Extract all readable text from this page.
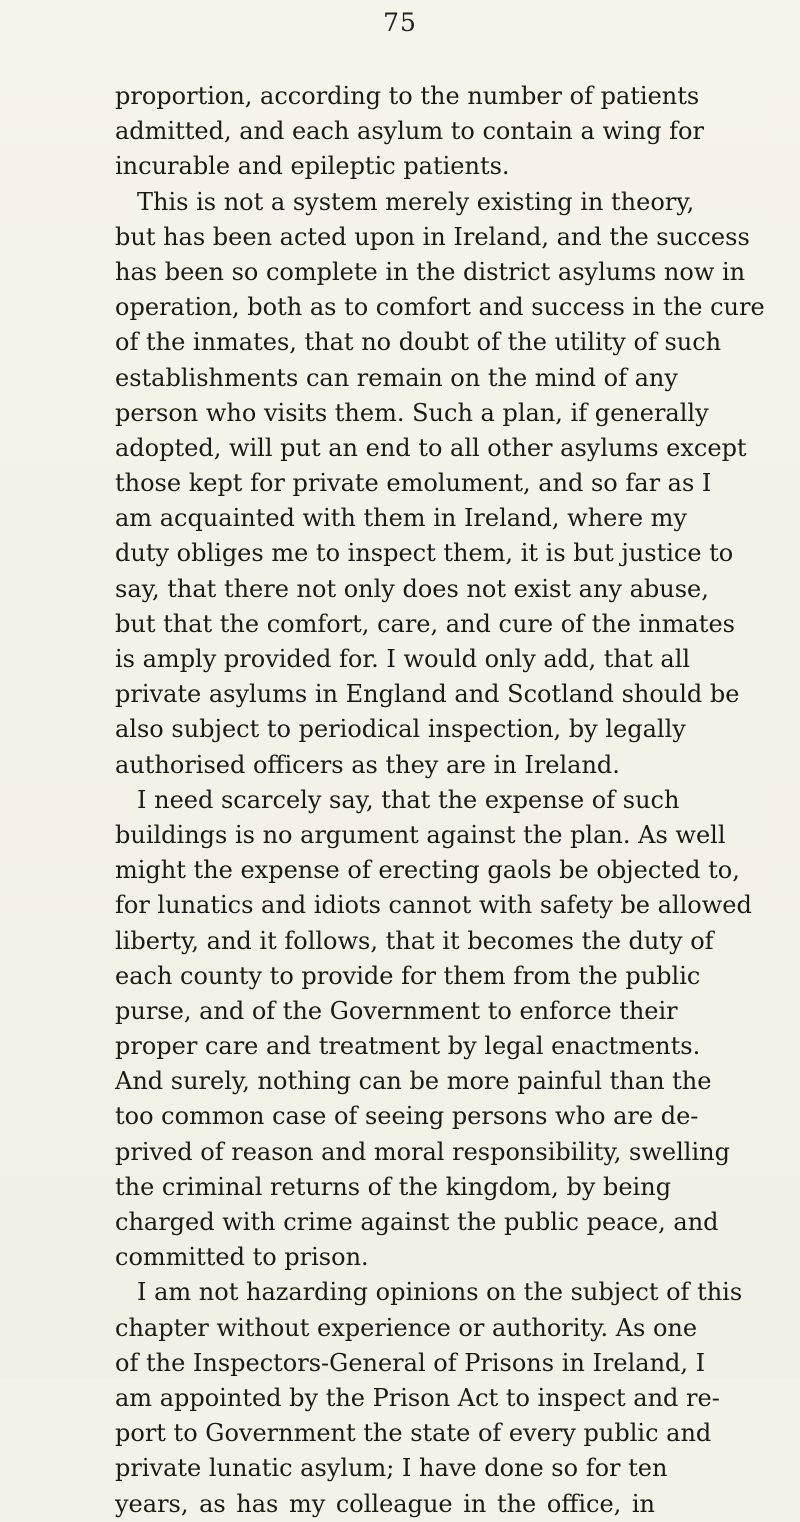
75
proportion, according to the number of patients
admitted, and each asylum to contain a wing for
incurable and epileptic patients.
This is not a system merely existing in theory,
but has been acted upon in Ireland, and the success
has been so complete in the district asylums now in
operation, both as to comfort and success in the cure
of the inmates, that no doubt of the utility of such
establishments can remain on the mind of any
person who visits them. Such a plan, if generally
adopted, will put an end to all other asylums except
those kept for private emolument, and so far as I
am acquainted with them in Ireland, where my
duty obliges me to inspect them, it is but justice to
say, that there not only does not exist any abuse,
but that the comfort, care, and cure of the inmates
is amply provided for. I would only add, that all
private asylums in England and Scotland should be
also subject to periodical inspection, by legally
authorised officers as they are in Ireland.
I need scarcely say, that the expense of such
buildings is no argument against the plan. As well
might the expense of erecting gaols be objected to,
for lunatics and idiots cannot with safety be allowed
liberty, and it follows, that it becomes the duty of
each county to provide for them from the public
purse, and of the Government to enforce their
proper care and treatment by legal enactments.
And surely, nothing can be more painful than the
too common case of seeing persons who are de-
prived of reason and moral responsibility, swelling
the criminal returns of the kingdom, by being
charged with crime against the public peace, and
committed to prison.
I am not hazarding opinions on the subject of this
chapter without experience or authority. As one
of the Inspectors-General of Prisons in Ireland, I
am appointed by the Prison Act to inspect and re-
port to Government the state of every public and
private lunatic asylum; I have done so for ten
years, as has my colleague in the office, in
